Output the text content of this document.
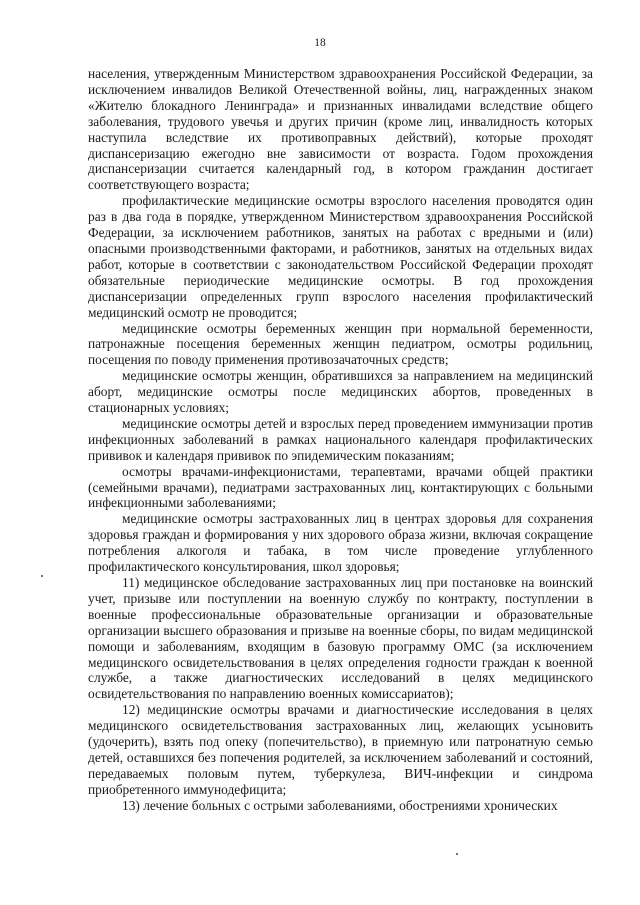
18

населения, утвержденным Министерством здравоохранения Российской Федерации, за исключением инвалидов Великой Отечественной войны, лиц, награжденных знаком «Жителю блокадного Ленинграда» и признанных инвалидами вследствие общего заболевания, трудового увечья и других причин (кроме лиц, инвалидность которых наступила вследствие их противоправных действий), которые проходят диспансеризацию ежегодно вне зависимости от возраста. Годом прохождения диспансеризации считается календарный год, в котором гражданин достигает соответствующего возраста;

профилактические медицинские осмотры взрослого населения проводятся один раз в два года в порядке, утвержденном Министерством здравоохранения Российской Федерации, за исключением работников, занятых на работах с вредными и (или) опасными производственными факторами, и работников, занятых на отдельных видах работ, которые в соответствии с законодательством Российской Федерации проходят обязательные периодические медицинские осмотры. В год прохождения диспансеризации определенных групп взрослого населения профилактический медицинский осмотр не проводится;

медицинские осмотры беременных женщин при нормальной беременности, патронажные посещения беременных женщин педиатром, осмотры родильниц, посещения по поводу применения противозачаточных средств;

медицинские осмотры женщин, обратившихся за направлением на медицинский аборт, медицинские осмотры после медицинских абортов, проведенных в стационарных условиях;

медицинские осмотры детей и взрослых перед проведением иммунизации против инфекционных заболеваний в рамках национального календаря профилактических прививок и календаря прививок по эпидемическим показаниям;

осмотры врачами-инфекционистами, терапевтами, врачами общей практики (семейными врачами), педиатрами застрахованных лиц, контактирующих с больными инфекционными заболеваниями;

медицинские осмотры застрахованных лиц в центрах здоровья для сохранения здоровья граждан и формирования у них здорового образа жизни, включая сокращение потребления алкоголя и табака, в том числе проведение углубленного профилактического консультирования, школ здоровья;

11) медицинское обследование застрахованных лиц при постановке на воинский учет, призыве или поступлении на военную службу по контракту, поступлении в военные профессиональные образовательные организации и образовательные организации высшего образования и призыве на военные сборы, по видам медицинской помощи и заболеваниям, входящим в базовую программу ОМС (за исключением медицинского освидетельствования в целях определения годности граждан к военной службе, а также диагностических исследований в целях медицинского освидетельствования по направлению военных комиссариатов);

12) медицинские осмотры врачами и диагностические исследования в целях медицинского освидетельствования застрахованных лиц, желающих усыновить (удочерить), взять под опеку (попечительство), в приемную или патронатную семью детей, оставшихся без попечения родителей, за исключением заболеваний и состояний, передаваемых половым путем, туберкулеза, ВИЧ-инфекции и синдрома приобретенного иммунодефицита;

13) лечение больных с острыми заболеваниями, обострениями хронических
